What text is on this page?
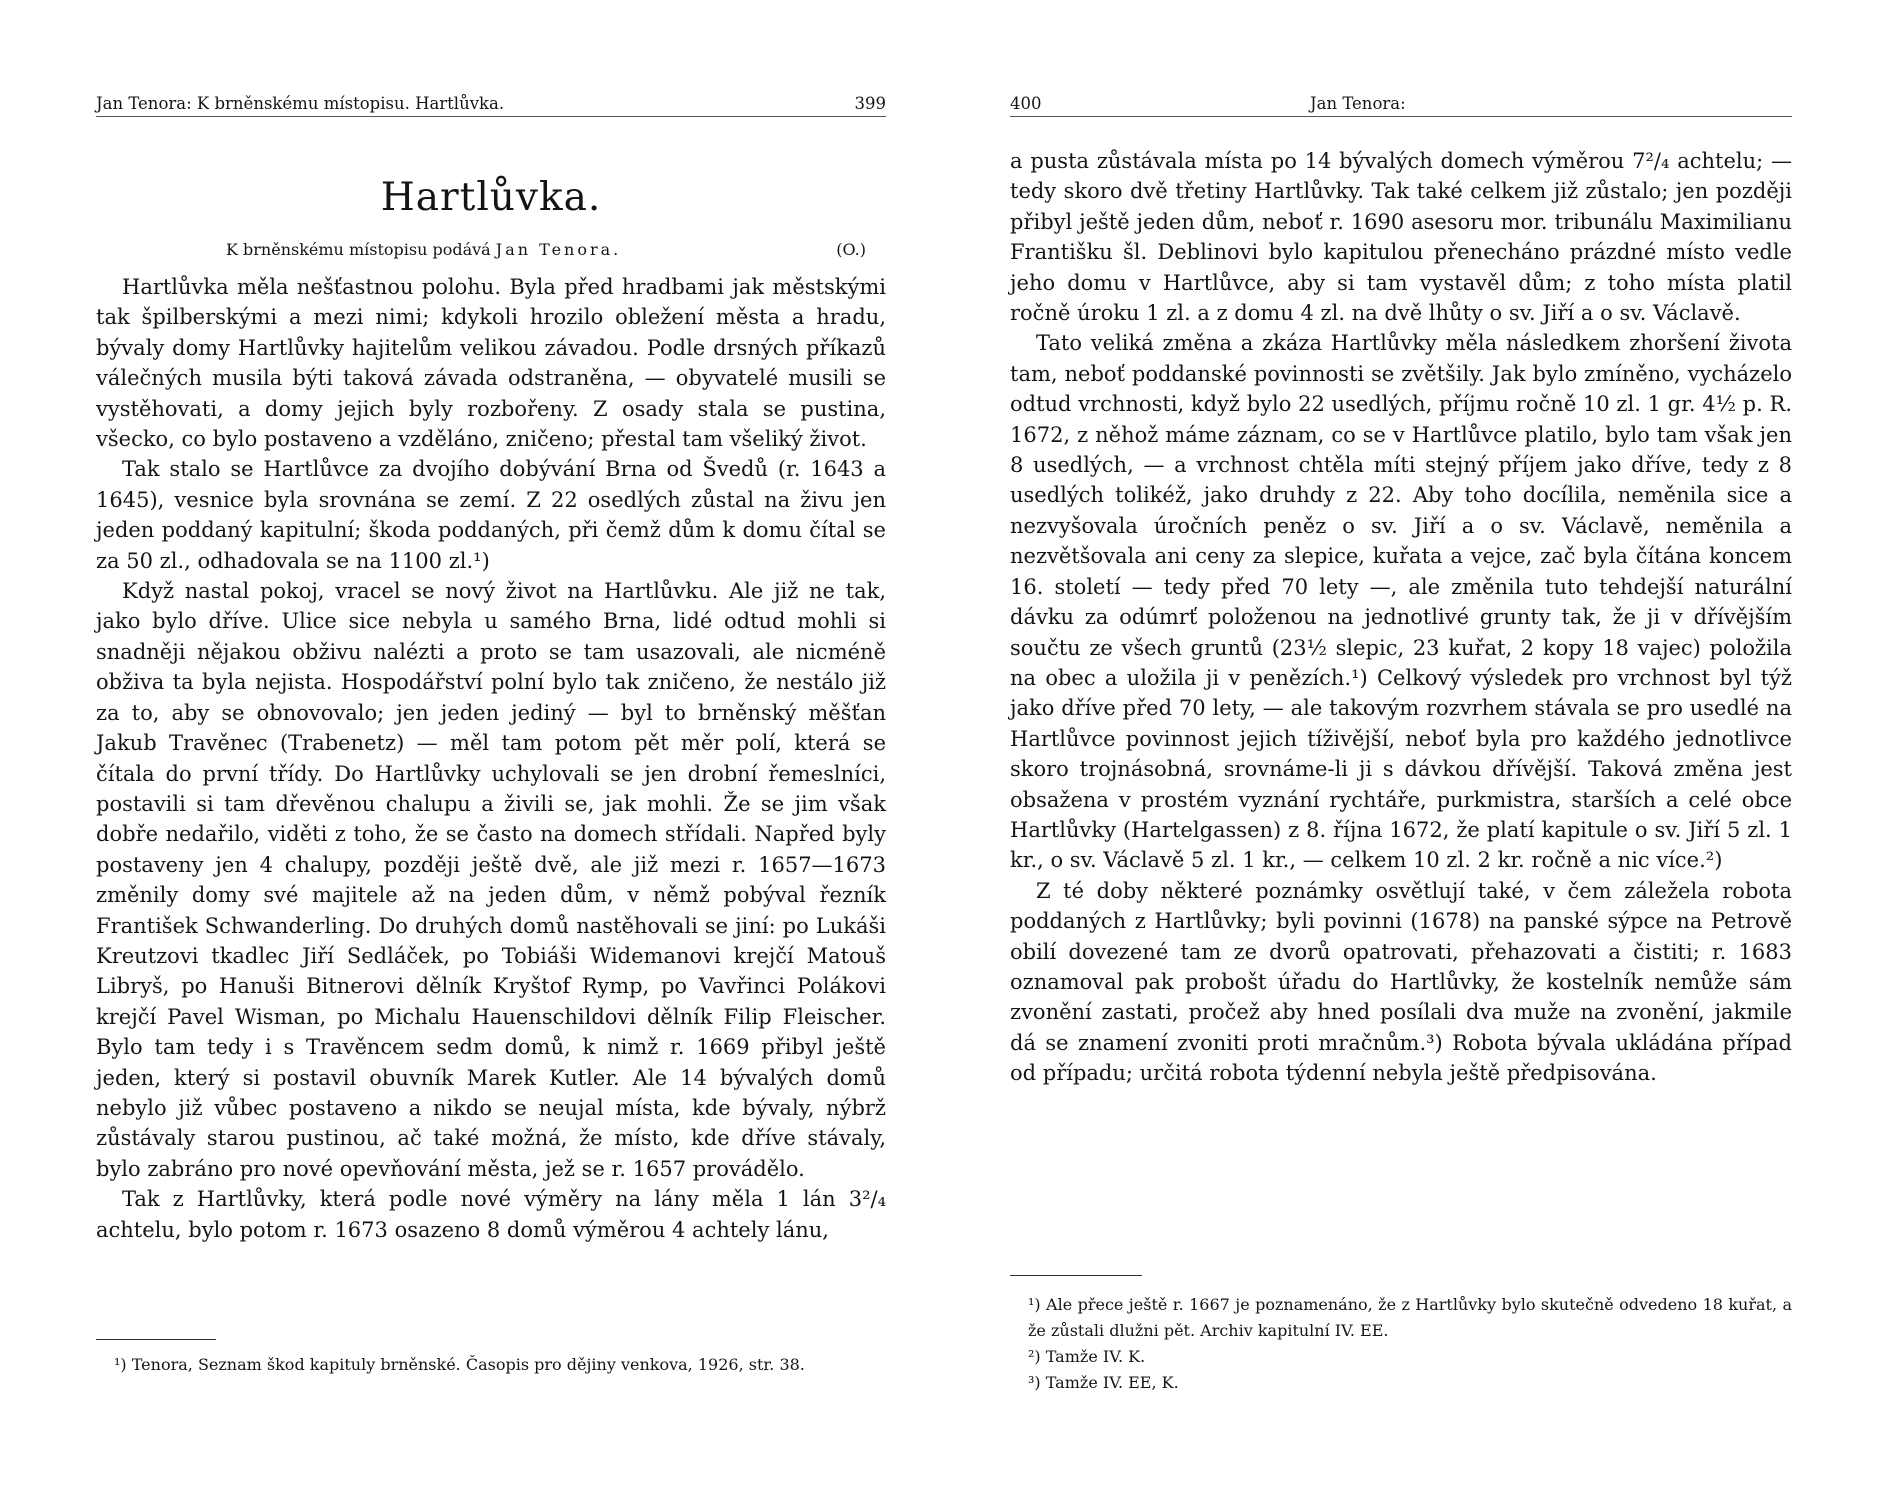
Jan Tenora: K brněnskému místopisu. Hartlůvka.	399
Hartlůvka.
K brněnskému místopisu podává Jan Tenora.	(O.)

Hartlůvka měla nešťastnou polohu. Byla před hradbami jak městskými tak špilberskými a mezi nimi; kdykoli hrozilo obležení města a hradu, bývaly domy Hartlůvky hajitelům velikou závadou. Podle drsných příkazů válečných musila býti taková závada odstraněna, — obyvatelé musili se vystěhovati, a domy jejich byly rozbořeny. Z osady stala se pustina, všecko, co bylo postaveno a vzděláno, zničeno; přestal tam všeliký život.

Tak stalo se Hartlůvce za dvojího dobývání Brna od Švedů (r. 1643 a 1645), vesnice byla srovnána se zemí. Z 22 osedlých zůstal na živu jen jeden poddaný kapitulní; škoda poddaných, při čemž dům k domu čítal se za 50 zl., odhadovala se na 1100 zl.¹)

Když nastal pokoj, vracel se nový život na Hartlůvku. Ale již ne tak, jako bylo dříve. Ulice sice nebyla u samého Brna, lidé odtud mohli si snadněji nějakou obživu nalézti a proto se tam usazovali, ale nicméně obživa ta byla nejista. Hospodářství polní bylo tak zničeno, že nestálo již za to, aby se obnovovalo; jen jeden jediný — byl to brněnský měšťan Jakub Travěnec (Trabenetz) — měl tam potom pět měr polí, která se čítala do první třídy. Do Hartlůvky uchylovali se jen drobní řemeslníci, postavili si tam dřevěnou chalupu a živili se, jak mohli. Že se jim však dobře nedařilo, viděti z toho, že se často na domech střídali. Napřed byly postaveny jen 4 chalupy, později ještě dvě, ale již mezi r. 1657—1673 změnily domy své majitele až na jeden dům, v němž pobýval řezník František Schwanderling. Do druhých domů nastěhovali se jiní: po Lukáši Kreutzovi tkadlec Jiří Sedláček, po Tobiáši Widemanovi krejčí Matouš Libryš, po Hanuši Bitnerovi dělník Kryštof Rymp, po Vavřinci Polákovi krejčí Pavel Wisman, po Michalu Hauenschildovi dělník Filip Fleischer. Bylo tam tedy i s Travěncem sedm domů, k nimž r. 1669 přibyl ještě jeden, který si postavil obuvník Marek Kutler. Ale 14 bývalých domů nebylo již vůbec postaveno a nikdo se neujal místa, kde bývaly, nýbrž zůstávaly starou pustinou, ač také možná, že místo, kde dříve stávaly, bylo zabráno pro nové opevňování města, jež se r. 1657 provádělo.

Tak z Hartlůvky, která podle nové výměry na lány měla 1 lán 3²/₄ achtelu, bylo potom r. 1673 osazeno 8 domů výměrou 4 achtely lánu,

¹) Tenora, Seznam škod kapituly brněnské. Časopis pro dějiny venkova, 1926, str. 38.

400	Jan Tenora:

a pusta zůstávala místa po 14 bývalých domech výměrou 7²/₄ achtelu; — tedy skoro dvě třetiny Hartlůvky. Tak také celkem již zůstalo; jen později přibyl ještě jeden dům, neboť r. 1690 asesoru mor. tribunálu Maximilianu Františku šl. Deblinovi bylo kapitulou přenecháno prázdné místo vedle jeho domu v Hartlůvce, aby si tam vystavěl dům; z toho místa platil ročně úroku 1 zl. a z domu 4 zl. na dvě lhůty o sv. Jiří a o sv. Václavě.

Tato veliká změna a zkáza Hartlůvky měla následkem zhoršení života tam, neboť poddanské povinnosti se zvětšily. Jak bylo zmíněno, vycházelo odtud vrchnosti, když bylo 22 usedlých, příjmu ročně 10 zl. 1 gr. 4½ p. R. 1672, z něhož máme záznam, co se v Hartlůvce platilo, bylo tam však jen 8 usedlých, — a vrchnost chtěla míti stejný příjem jako dříve, tedy z 8 usedlých tolikéž, jako druhdy z 22. Aby toho docílila, neměnila sice a nezvyšovala úročních peněz o sv. Jiří a o sv. Václavě, neměnila a nezvětšovala ani ceny za slepice, kuřata a vejce, zač byla čítána koncem 16. století — tedy před 70 lety —, ale změnila tuto tehdejší naturální dávku za odúmrť položenou na jednotlivé grunty tak, že ji v dřívějším součtu ze všech gruntů (23½ slepic, 23 kuřat, 2 kopy 18 vajec) položila na obec a uložila ji v penězích.¹) Celkový výsledek pro vrchnost byl týž jako dříve před 70 lety, — ale takovým rozvrhem stávala se pro usedlé na Hartlůvce povinnost jejich tíživější, neboť byla pro každého jednotlivce skoro trojnásobná, srovnáme-li ji s dávkou dřívější. Taková změna jest obsažena v prostém vyznání rychtáře, purkmistra, starších a celé obce Hartlůvky (Hartelgassen) z 8. října 1672, že platí kapitule o sv. Jiří 5 zl. 1 kr., o sv. Václavě 5 zl. 1 kr., — celkem 10 zl. 2 kr. ročně a nic více.²)

Z té doby některé poznámky osvětlují také, v čem záležela robota poddaných z Hartlůvky; byli povinni (1678) na panské sýpce na Petrově obilí dovezené tam ze dvorů opatrovati, přehazovati a čistiti; r. 1683 oznamoval pak probošt úřadu do Hartlůvky, že kostelník nemůže sám zvonění zastati, pročež aby hned posílali dva muže na zvonění, jakmile dá se znamení zvoniti proti mračnům.³) Robota bývala ukládána případ od případu; určitá robota týdenní nebyla ještě předpisována.

¹) Ale přece ještě r. 1667 je poznamenáno, že z Hartlůvky bylo skutečně odvedeno 18 kuřat, a že zůstali dlužni pět. Archiv kapitulní IV. EE.

²) Tamže IV. K.

³) Tamže IV. EE, K.
